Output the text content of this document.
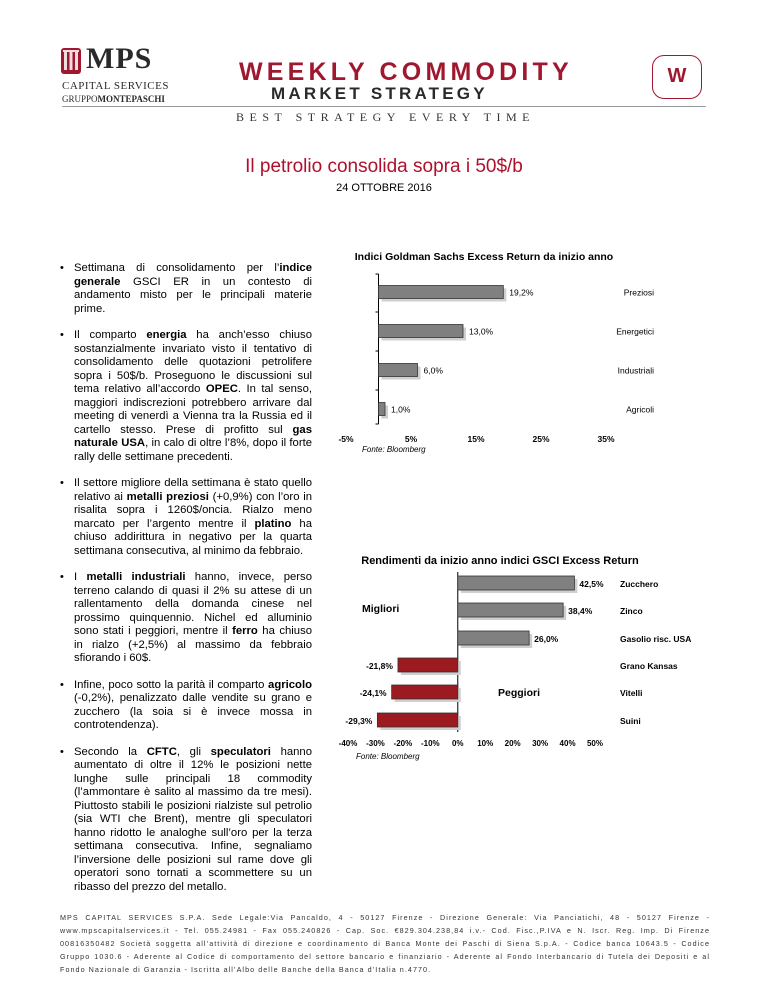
MPS
CAPITAL SERVICES
GRUPPOMONTEPASCHI
WEEKLY COMMODITY
MARKET STRATEGY
BEST STRATEGY EVERY TIME
W
Il petrolio consolida sopra i 50$/b
24 OTTOBRE 2016
• Settimana di consolidamento per l’indice generale GSCI ER in un contesto di andamento misto per le principali materie prime.
• Il comparto energia ha anch’esso chiuso sostanzialmente invariato visto il tentativo di consolidamento delle quotazioni petrolifere sopra i 50$/b. Proseguono le discussioni sul tema relativo all’accordo OPEC. In tal senso, maggiori indiscrezioni potrebbero arrivare dal meeting di venerdì a Vienna tra la Russia ed il cartello stesso. Prese di profitto sul gas naturale USA, in calo di oltre l’8%, dopo il forte rally delle settimane precedenti.
• Il settore migliore della settimana è stato quello relativo ai metalli preziosi (+0,9%) con l’oro in risalita sopra i 1260$/oncia. Rialzo meno marcato per l’argento mentre il platino ha chiuso addirittura in negativo per la quarta settimana consecutiva, al minimo da febbraio.
• I metalli industriali hanno, invece, perso terreno calando di quasi il 2% su attese di un rallentamento della domanda cinese nel prossimo quinquennio. Nichel ed alluminio sono stati i peggiori, mentre il ferro ha chiuso in rialzo (+2,5%) al massimo da febbraio sfiorando i 60$.
• Infine, poco sotto la parità il comparto agricolo (-0,2%), penalizzato dalle vendite su grano e zucchero (la soia si è invece mossa in controtendenza).
• Secondo la CFTC, gli speculatori hanno aumentato di oltre il 12% le posizioni nette lunghe sulle principali 18 commodity (l’ammontare è salito al massimo da tre mesi). Piuttosto stabili le posizioni rialziste sul petrolio (sia WTI che Brent), mentre gli speculatori hanno ridotto le analoghe sull’oro per la terza settimana consecutiva. Infine, segnaliamo l’inversione delle posizioni sul rame dove gli operatori sono tornati a scommettere su un ribasso del prezzo del metallo.
Indici Goldman Sachs Excess Return da inizio anno
19,2%	Preziosi
13,0%	Energetici
6,0%	Industriali
1,0%	Agricoli
-5%	5%	15%	25%	35%
Fonte: Bloomberg
Rendimenti da inizio anno indici GSCI Excess Return
42,5% Zucchero
38,4%	Zinco
26,0%	Gasolio risc. USA
-21,8%	Grano Kansas
-24,1%	Vitelli
-29,3%	Suini
Migliori
Peggiori
-40% -30% -20% -10% 0% 10% 20% 30% 40% 50%
Fonte: Bloomberg
MPS CAPITAL SERVICES S.P.A. Sede Legale:Via Pancaldo, 4 - 50127 Firenze - Direzione Generale: Via Panciatichi, 48 - 50127 Firenze - www.mpscapitalservices.it - Tel. 055.24981 - Fax 055.240826 - Cap. Soc. €829.304.238,84 i.v.- Cod. Fisc.,P.IVA e N. Iscr. Reg. Imp. Di Firenze 00816350482 Società soggetta all’attività di direzione e coordinamento di Banca Monte dei Paschi di Siena S.p.A. - Codice banca 10643.5 - Codice Gruppo 1030.6 - Aderente al Codice di comportamento del settore bancario e finanziario - Aderente al Fondo Interbancario di Tutela dei Depositi e al Fondo Nazionale di Garanzia - Iscritta all’Albo delle Banche della Banca d’Italia n.4770.
